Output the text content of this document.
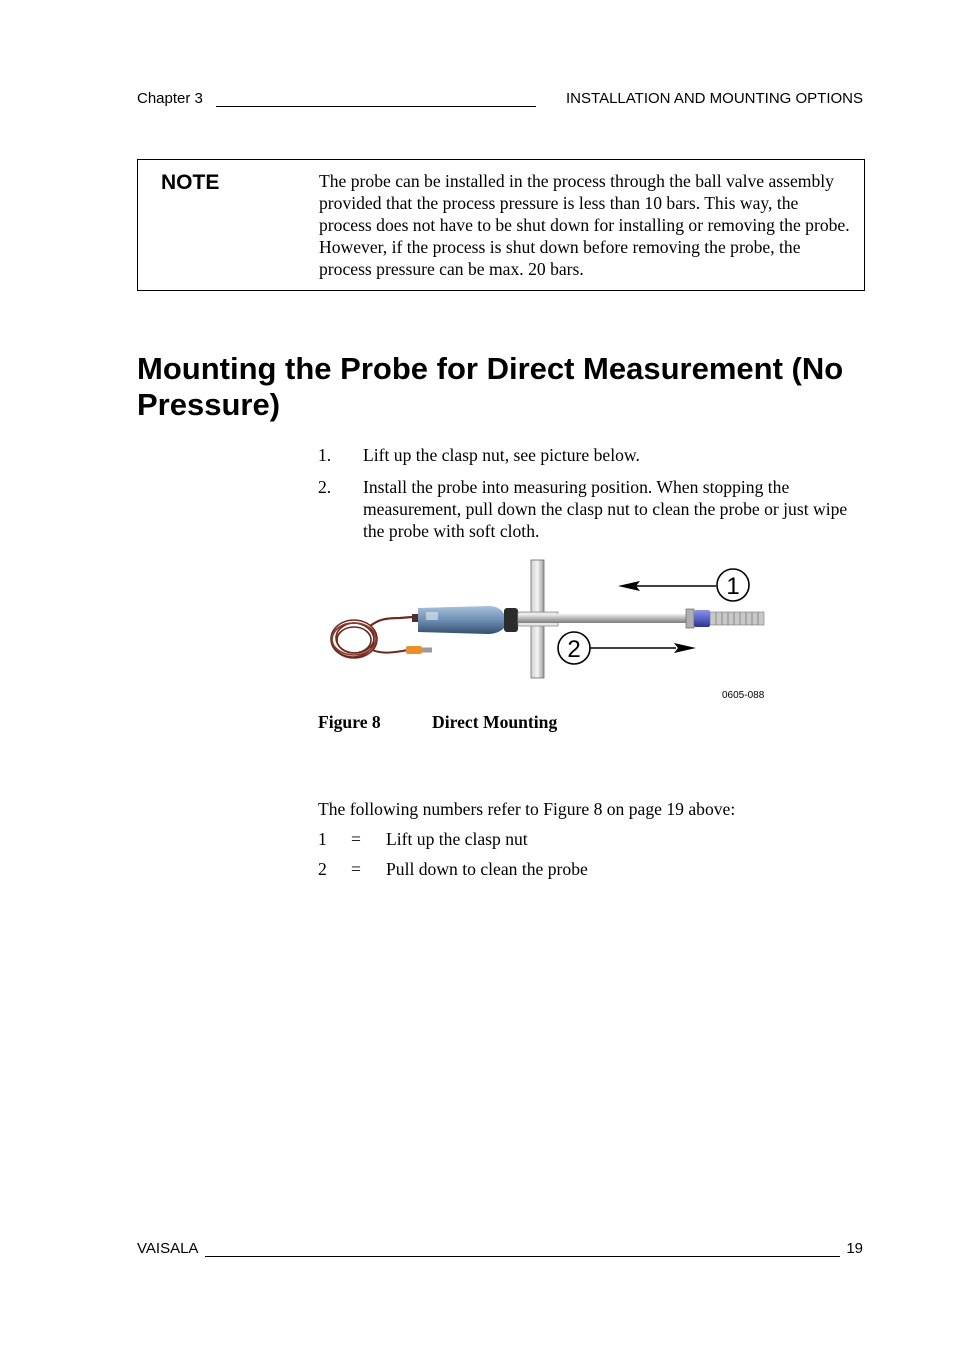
Chapter 3	INSTALLATION AND MOUNTING OPTIONS
NOTE	The probe can be installed in the process through the ball valve assembly provided that the process pressure is less than 10 bars. This way, the process does not have to be shut down for installing or removing the probe. However, if the process is shut down before removing the probe, the process pressure can be max. 20 bars.
Mounting the Probe for Direct Measurement (No Pressure)
1. Lift up the clasp nut, see picture below.
2. Install the probe into measuring position. When stopping the measurement, pull down the clasp nut to clean the probe or just wipe the probe with soft cloth.
1
2
0605-088
Figure 8	Direct Mounting
The following numbers refer to Figure 8 on page 19 above:
1 = Lift up the clasp nut
2 = Pull down to clean the probe
VAISALA	19
